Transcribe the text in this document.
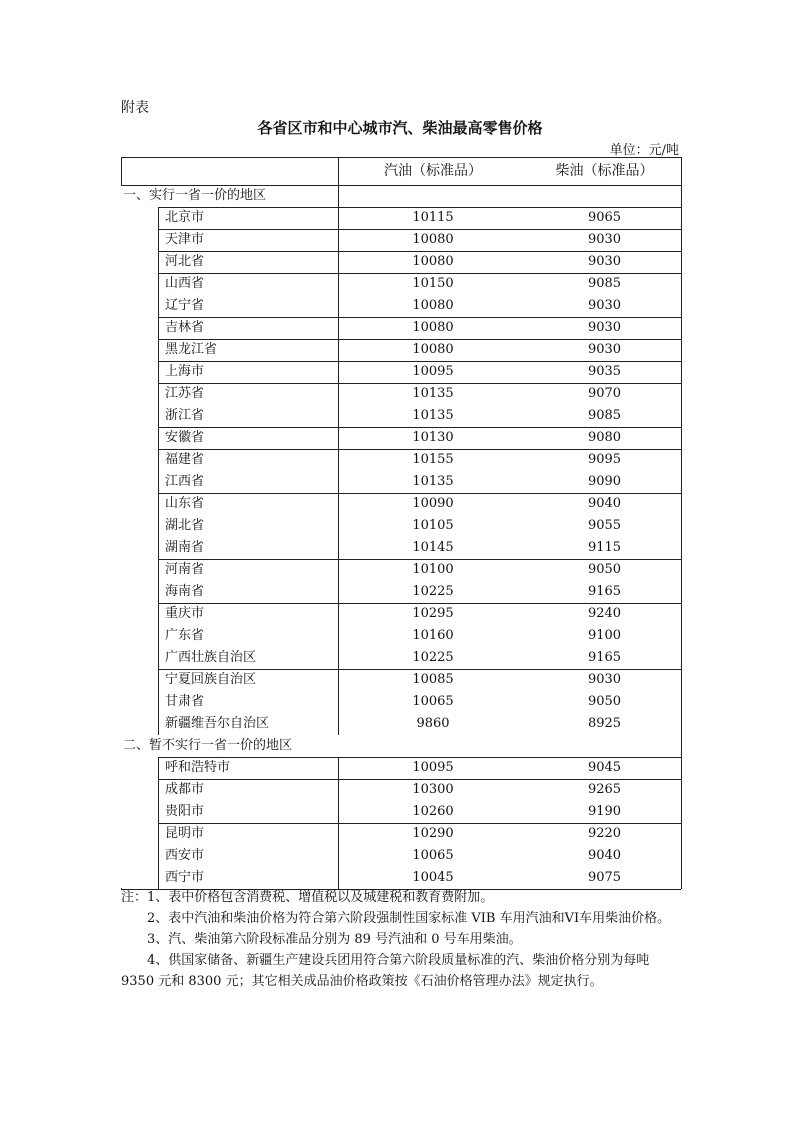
附表
各省区市和中心城市汽、柴油最高零售价格
单位：元/吨
汽油（标准品）	柴油（标准品）
一、实行一省一价的地区
北京市	10115	9065
天津市	10080	9030
河北省	10080	9030
山西省	10150	9085
辽宁省	10080	9030
吉林省	10080	9030
黑龙江省	10080	9030
上海市	10095	9035
江苏省	10135	9070
浙江省	10135	9085
安徽省	10130	9080
福建省	10155	9095
江西省	10135	9090
山东省	10090	9040
湖北省	10105	9055
湖南省	10145	9115
河南省	10100	9050
海南省	10225	9165
重庆市	10295	9240
广东省	10160	9100
广西壮族自治区	10225	9165
宁夏回族自治区	10085	9030
甘肃省	10065	9050
新疆维吾尔自治区	9860	8925
二、暂不实行一省一价的地区
呼和浩特市	10095	9045
成都市	10300	9265
贵阳市	10260	9190
昆明市	10290	9220
西安市	10065	9040
西宁市	10045	9075

注：1、表中价格包含消费税、增值税以及城建税和教育费附加。

2、表中汽油和柴油价格为符合第六阶段强制性国家标准 VIB 车用汽油和VI车用柴油价格。

3、汽、柴油第六阶段标准品分别为 89 号汽油和 0 号车用柴油。

4、供国家储备、新疆生产建设兵团用符合第六阶段质量标准的汽、柴油价格分别为每吨 9350 元和 8300 元；其它相关成品油价格政策按《石油价格管理办法》规定执行。
